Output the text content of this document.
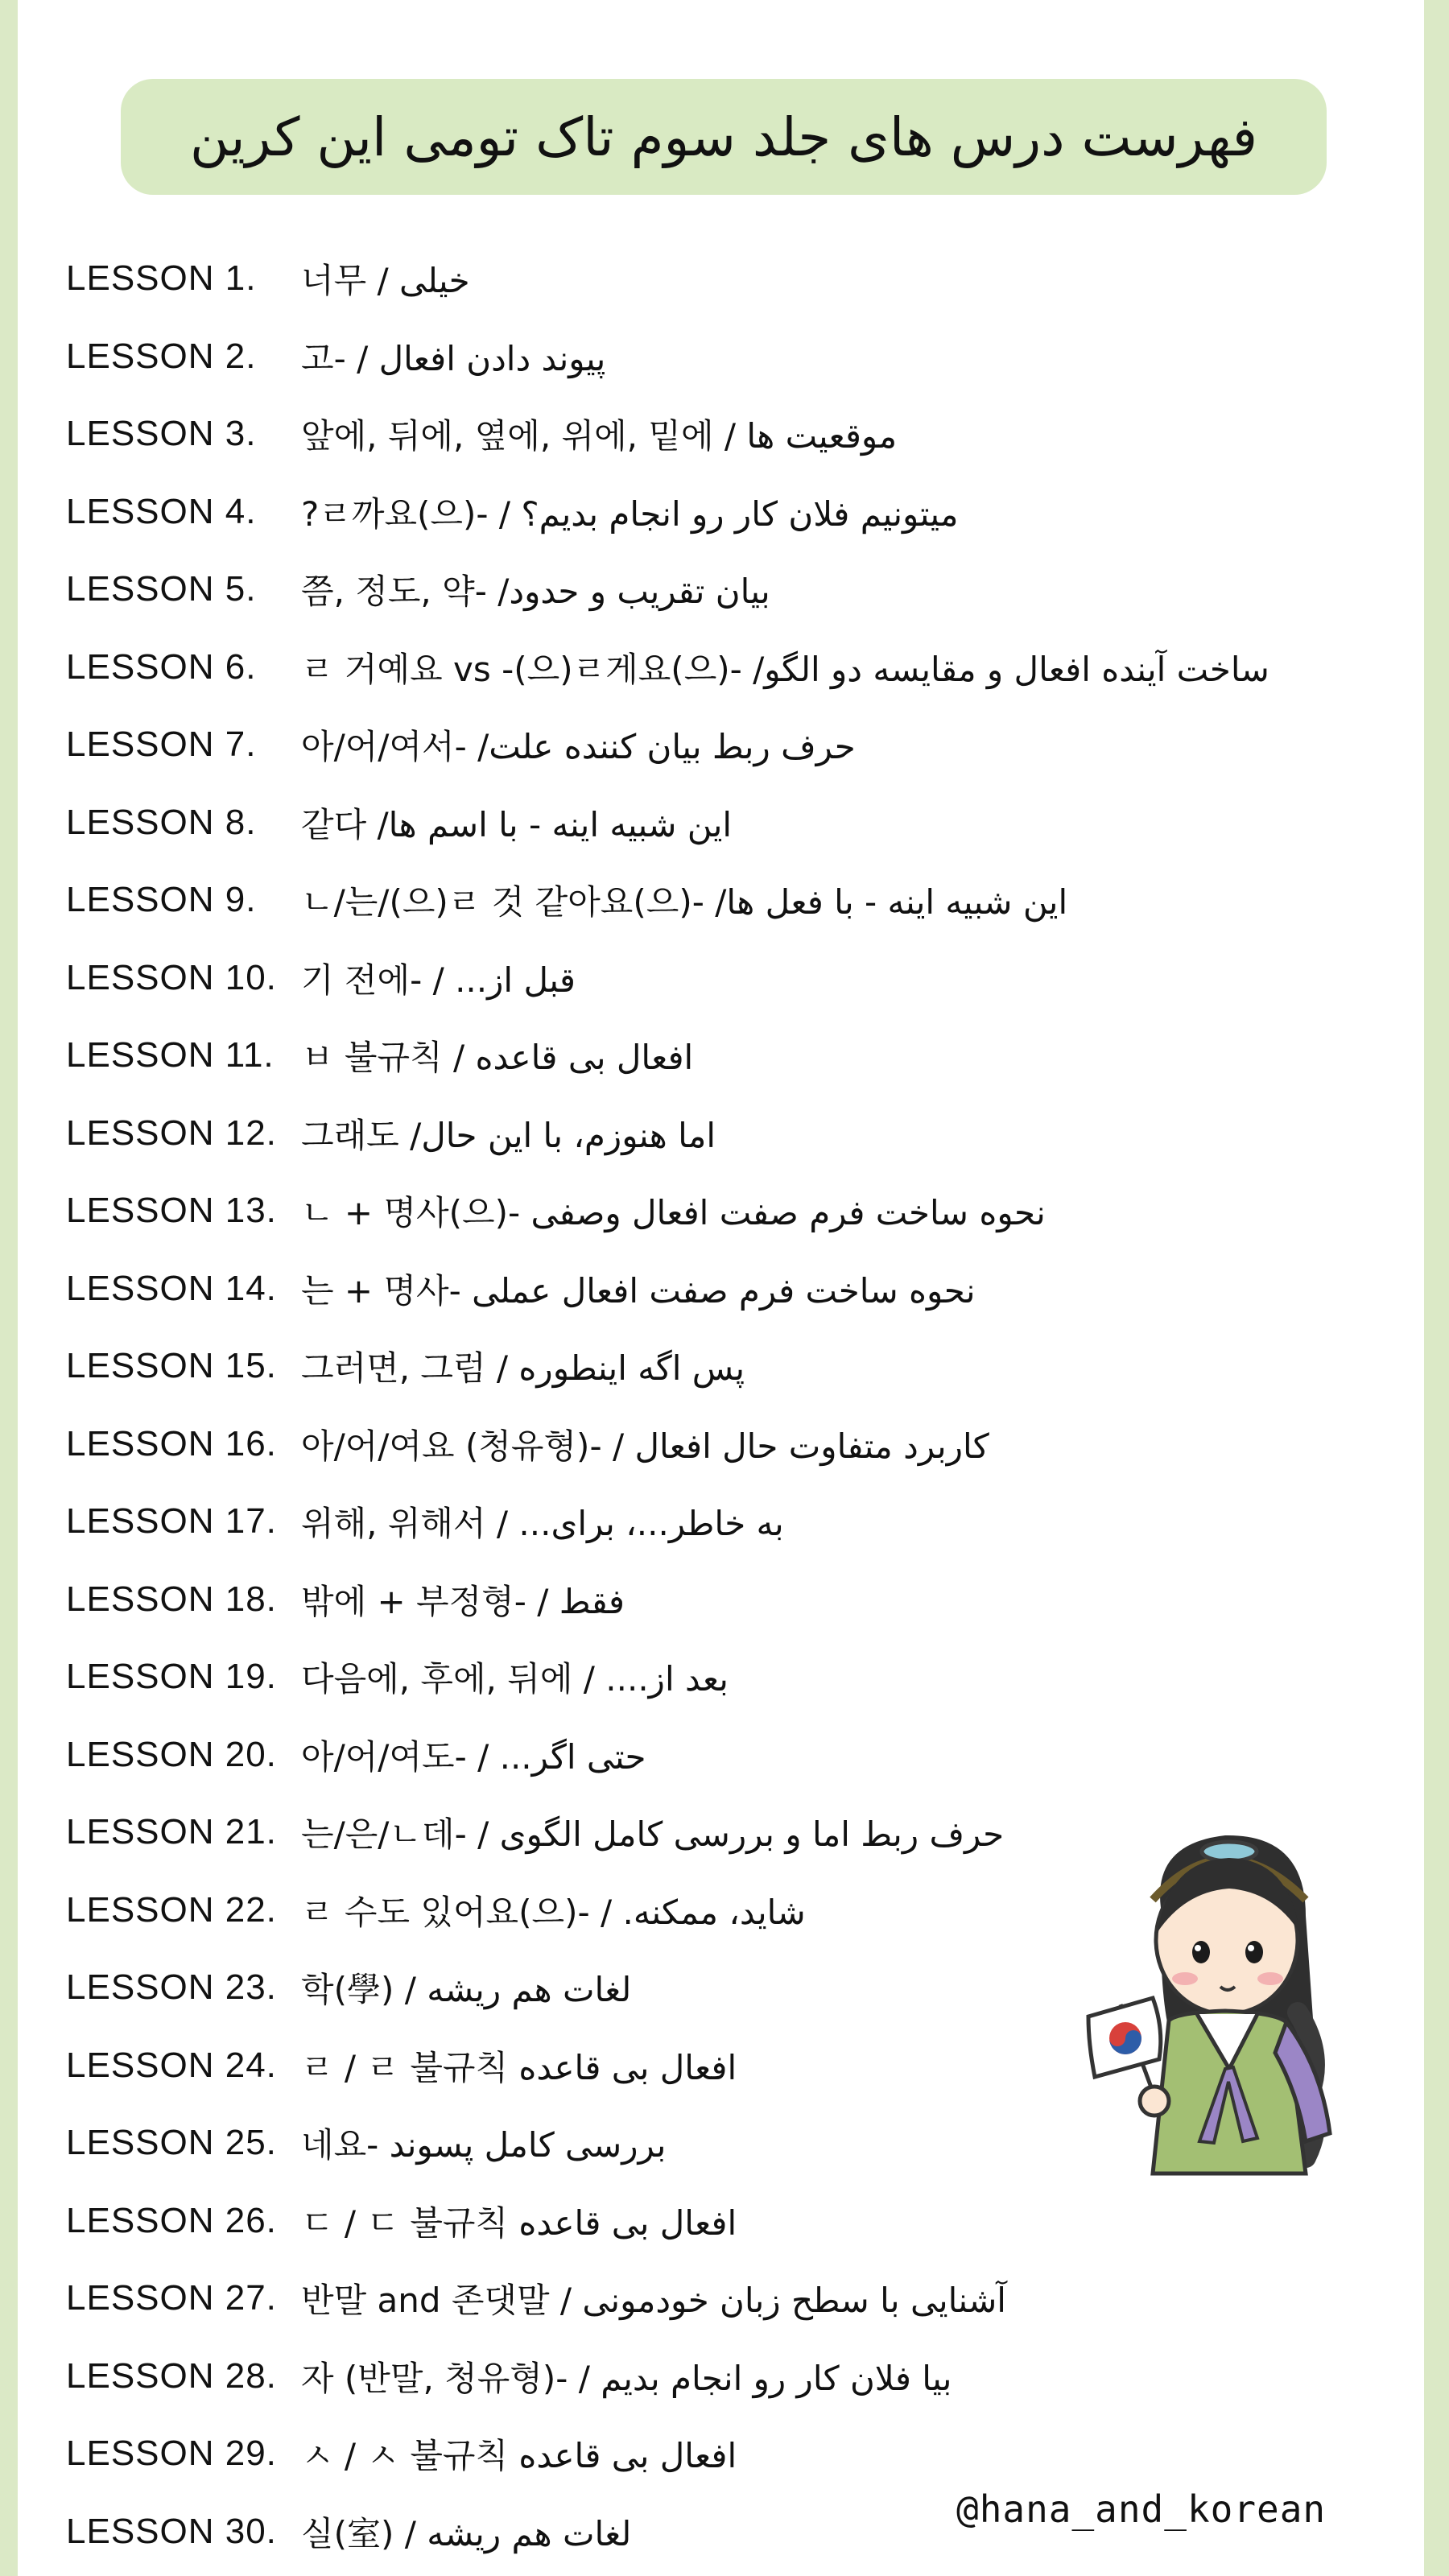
فهرست درس های جلد سوم تاک تومی این کرین
LESSON 1.	خیلی / 너무
LESSON 2.	پیوند دادن افعال / -고
LESSON 3.	موقعیت ها / 앞에, 뒤에, 옆에, 위에, 밑에
LESSON 4.	میتونیم فلان کار رو انجام بدیم؟ / -(으)ㄹ까요?
LESSON 5.	بیان تقریب و حدود/ -쯤, 정도, 약
LESSON 6.	ساخت آینده افعال و مقایسه دو الگو/ -(으)ㄹ 거예요 vs -(으)ㄹ게요
LESSON 7.	حرف ربط بیان کننده علت/ -아/어/여서
LESSON 8.	این شبیه اینه - با اسم ها/ 같다
LESSON 9.	این شبیه اینه - با فعل ها/ -(으)ㄴ/는/(으)ㄹ 것 같아요
LESSON 10. قبل از... / -기 전에
LESSON 11. افعال بی قاعده / ㅂ 불규칙
LESSON 12. اما هنوزم، با این حال/ 그래도
LESSON 13. نحوه ساخت فرم صفت افعال وصفی -(으)ㄴ + 명사
LESSON 14. نحوه ساخت فرم صفت افعال عملی -는 + 명사
LESSON 15. پس اگه اینطوره / 그러면, 그럼
LESSON 16. کاربرد متفاوت حال افعال / -아/어/여요 (청유형)
LESSON 17. به خاطر...، برای... / 위해, 위해서
LESSON 18. فقط / -밖에 + 부정형
LESSON 19. بعد از.... / 다음에, 후에, 뒤에
LESSON 20. حتی اگر... / -아/어/여도
LESSON 21. حرف ربط اما و بررسی کامل الگوی / -는/은/ㄴ데
LESSON 22. شاید، ممکنه. / -(으)ㄹ 수도 있어요
LESSON 23. لغات هم ریشه / 학(學)
LESSON 24. افعال بی قاعده ㄹ / ㄹ 불규칙
LESSON 25. بررسی کامل پسوند -네요
LESSON 26. افعال بی قاعده ㄷ / ㄷ 불규칙
LESSON 27. آشنایی با سطح زبان خودمونی / 반말 and 존댓말
LESSON 28. بیا فلان کار رو انجام بدیم / -자 (반말, 청유형)
LESSON 29. افعال بی قاعده ㅅ / ㅅ 불규칙
LESSON 30. لغات هم ریشه / 실(室)
@hana_and_korean
